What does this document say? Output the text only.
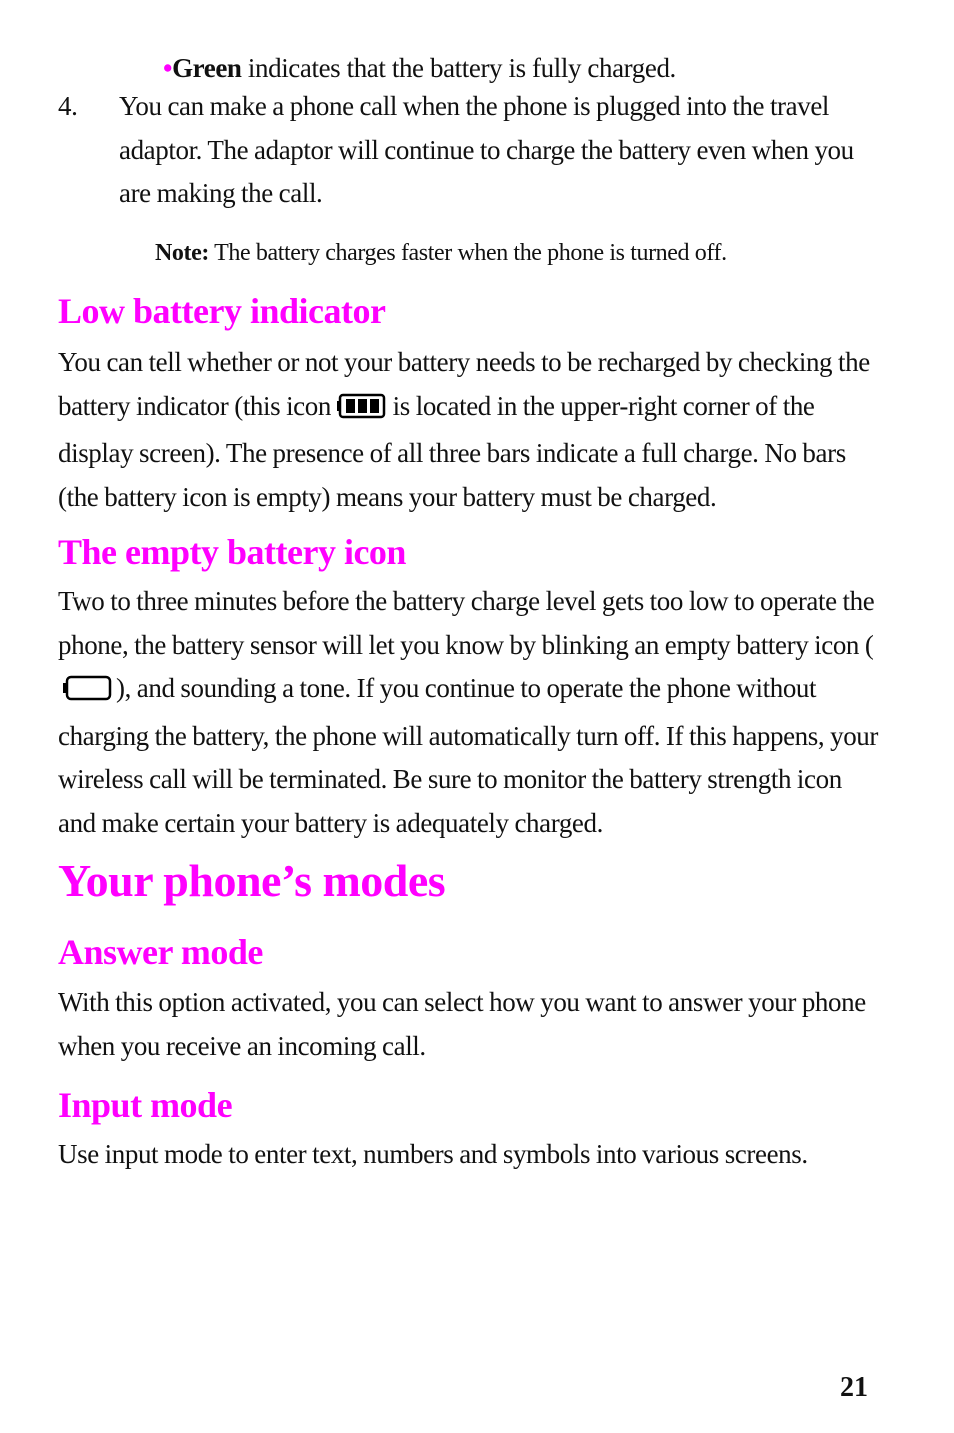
•Green indicates that the battery is fully charged.
4. You can make a phone call when the phone is plugged into the travel adaptor. The adaptor will continue to charge the battery even when you are making the call.
Note: The battery charges faster when the phone is turned off.
Low battery indicator
You can tell whether or not your battery needs to be recharged by checking the battery indicator (this icon  is located in the upper-right corner of the display screen). The presence of all three bars indicate a full charge. No bars (the battery icon is empty) means your battery must be charged.
The empty battery icon
Two to three minutes before the battery charge level gets too low to operate the phone, the battery sensor will let you know by blinking an empty battery icon (), and sounding a tone. If you continue to operate the phone without charging the battery, the phone will automatically turn off. If this happens, your wireless call will be terminated. Be sure to monitor the battery strength icon and make certain your battery is adequately charged.
Your phone’s modes
Answer mode
With this option activated, you can select how you want to answer your phone when you receive an incoming call.
Input mode
Use input mode to enter text, numbers and symbols into various screens.
21
